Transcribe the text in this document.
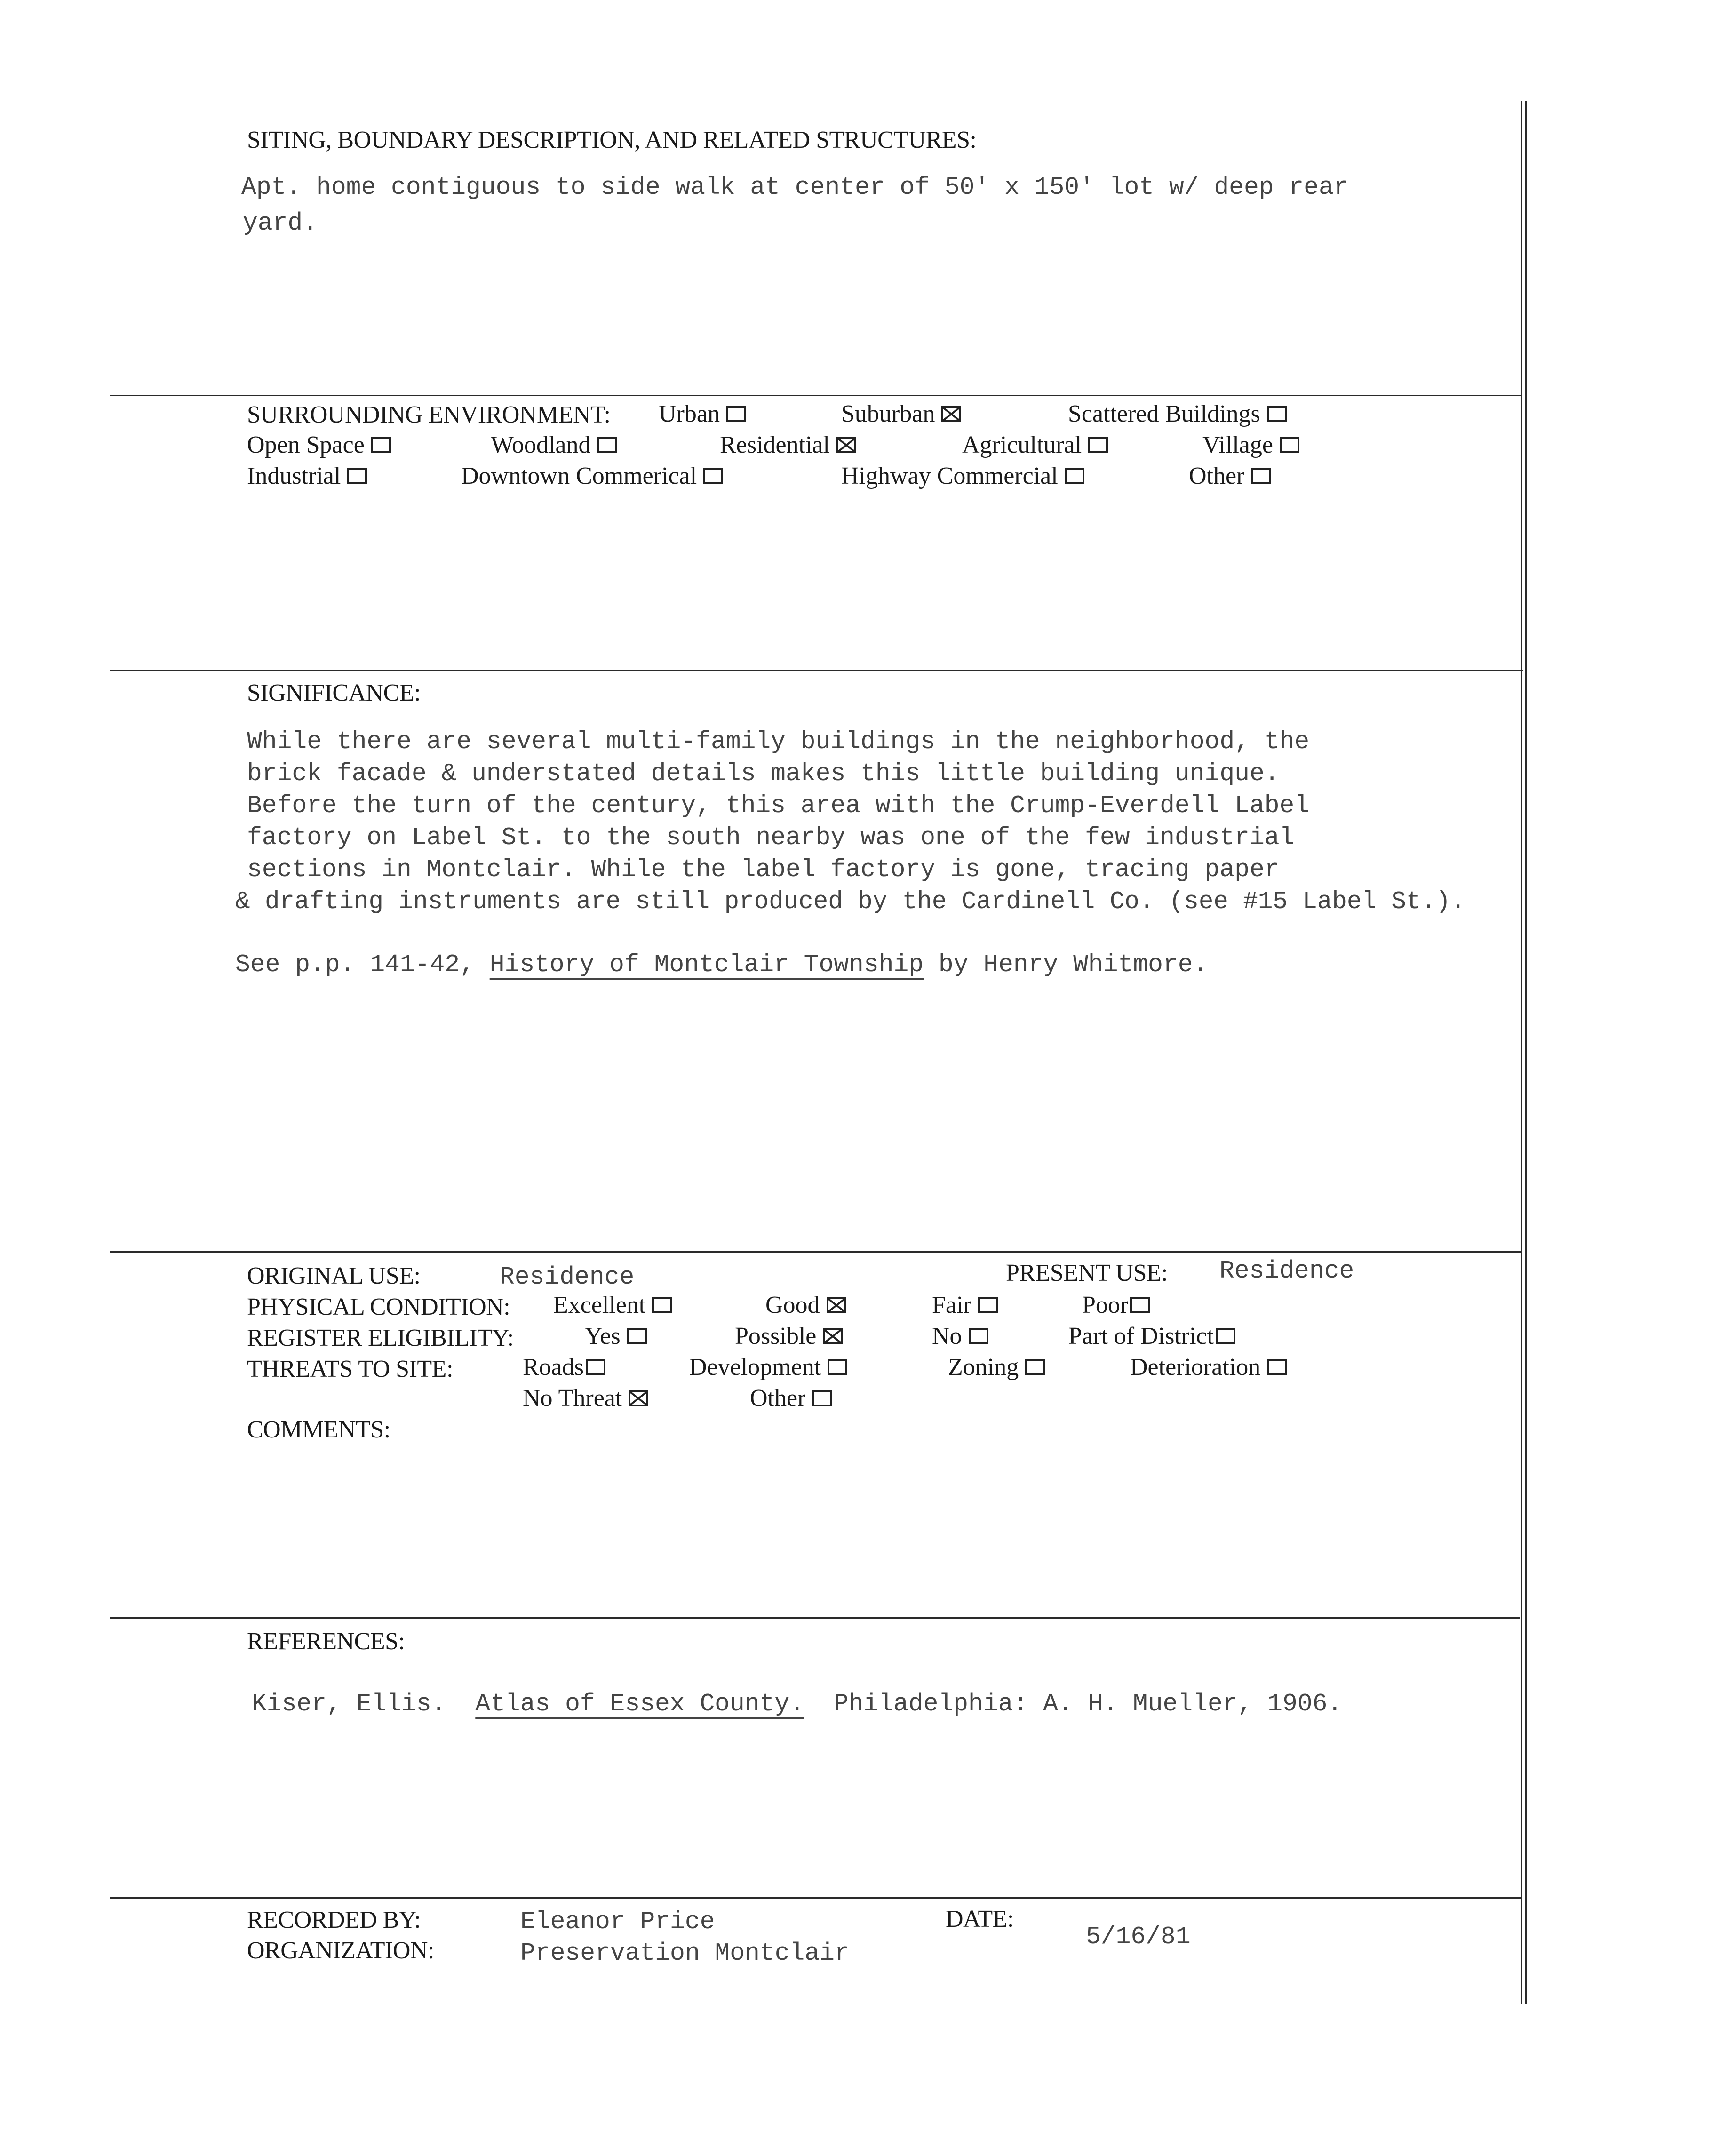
SITING, BOUNDARY DESCRIPTION, AND RELATED STRUCTURES:
Apt. home contiguous to side walk at center of 50' x 150' lot w/ deep rear
yard.
SURROUNDING ENVIRONMENT: Urban	Suburban	Scattered Buildings
Open Space	Woodland	Residential	Agricultural	Village
Industrial	Downtown Commerical	Highway Commercial	Other
SIGNIFICANCE:
While there are several multi-family buildings in the neighborhood, the
brick facade & understated details makes this little building unique.
Before the turn of the century, this area with the Crump-Everdell Label
factory on Label St. to the south nearby was one of the few industrial
sections in Montclair. While the label factory is gone, tracing paper
& drafting instruments are still produced by the Cardinell Co. (see #15 Label St.).
See p.p. 141-42, History of Montclair Township by Henry Whitmore.
ORIGINAL USE:	Residence	PRESENT USE: Residence
PHYSICAL CONDITION: Excellent	Good	Fair	Poor
REGISTER ELIGIBILITY:	Yes	Possible	No	Part of District
THREATS TO SITE:	Roads	Development	Zoning	Deterioration
No Threat	Other
COMMENTS:
REFERENCES:
Kiser, Ellis. Atlas of Essex County. Philadelphia: A. H. Mueller, 1906.
RECORDED BY:	Eleanor Price
ORGANIZATION:	Preservation Montclair
DATE:
5/16/81
